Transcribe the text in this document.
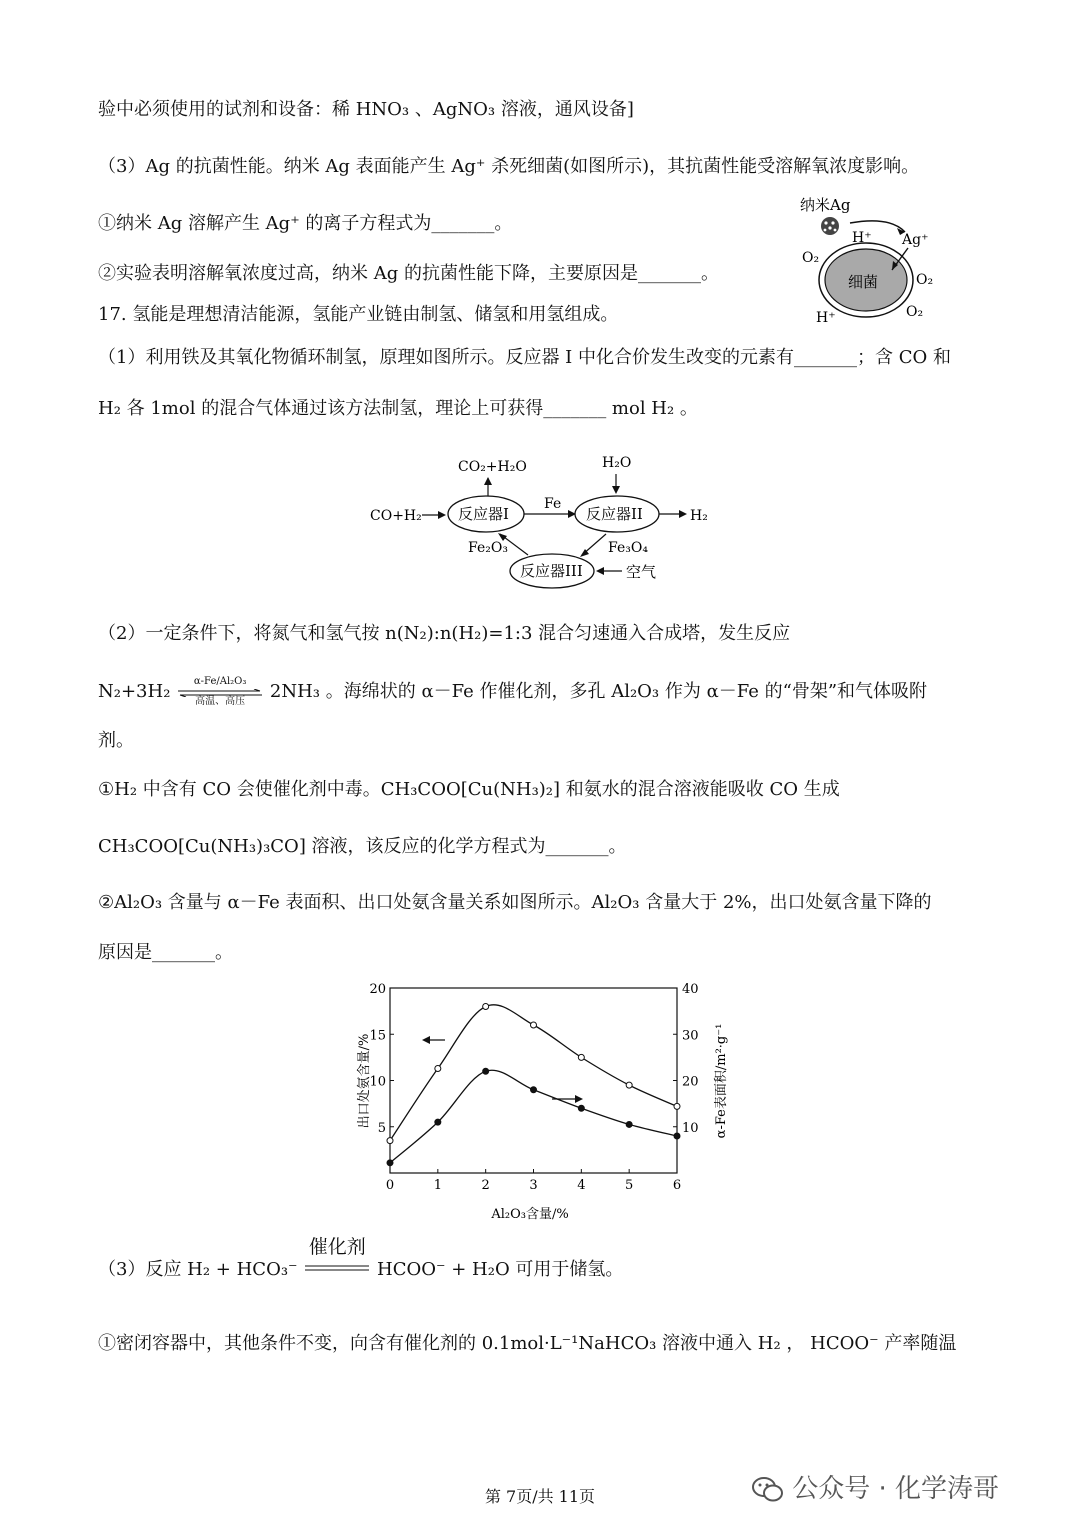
验中必须使用的试剂和设备：稀 HNO₃ 、AgNO₃ 溶液，通风设备]
（3）Ag 的抗菌性能。纳米 Ag 表面能产生 Ag⁺ 杀死细菌(如图所示)，其抗菌性能受溶解氧浓度影响。
①纳米 Ag 溶解产生 Ag⁺ 的离子方程式为_______。
②实验表明溶解氧浓度过高，纳米 Ag 的抗菌性能下降，主要原因是_______。
17. 氢能是理想清洁能源，氢能产业链由制氢、储氢和用氢组成。
（1）利用铁及其氧化物循环制氢，原理如图所示。反应器 I 中化合价发生改变的元素有_______；含 CO 和
H₂ 各 1mol 的混合气体通过该方法制氢，理论上可获得_______ mol H₂ 。
纳米Ag
H⁺ Ag⁺
细菌
O₂
O₂
H⁺	O₂
CO₂+H₂O	H₂O
CO+H₂ 反应器I
Fe
反应器II	H₂
Fe₂O₃	Fe₃O₄
反应器III	空气
（2）一定条件下，将氮气和氢气按 n(N₂):n(H₂)=1:3 混合匀速通入合成塔，发生反应
N₂+3H₂	α-Fe/Al₂O₃
高温、高压	2NH₃ 。海绵状的 α－Fe 作催化剂，多孔 Al₂O₃ 作为 α－Fe 的“骨架”和气体吸附
剂。
①H₂ 中含有 CO 会使催化剂中毒。CH₃COO[Cu(NH₃)₂] 和氨水的混合溶液能吸收 CO 生成
CH₃COO[Cu(NH₃)₃CO] 溶液，该反应的化学方程式为_______。
②Al₂O₃ 含量与 α－Fe 表面积、出口处氨含量关系如图所示。Al₂O₃ 含量大于 2%，出口处氨含量下降的
原因是_______。
0	1	2	3	4	5	6
5
10
15
20
10
20
30
40
Al₂O₃含量/%
出口处氨含量/%	α-Fe表面积/m²·g⁻¹
（3）反应 H₂ + HCO₃⁻
催化剂
HCOO⁻ + H₂O 可用于储氢。
①密闭容器中，其他条件不变，向含有催化剂的 0.1mol·L⁻¹NaHCO₃ 溶液中通入 H₂ ， HCOO⁻ 产率随温
第 7页/共 11页	公众号 · 化学涛哥
